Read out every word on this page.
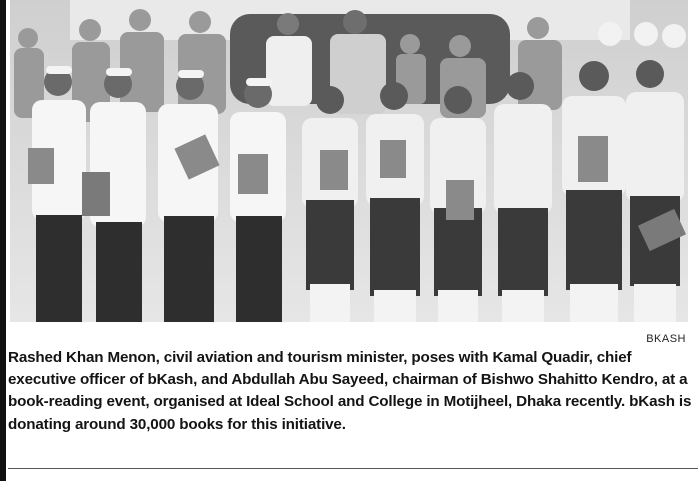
BKASH

Rashed Khan Menon, civil aviation and tourism minister, poses with Kamal Quadir, chief executive officer of bKash, and Abdullah Abu Sayeed, chairman of Bishwo Shahitto Kendro, at a book-reading event, organised at Ideal School and College in Motijheel, Dhaka recently. bKash is donating around 30,000 books for this initiative.
